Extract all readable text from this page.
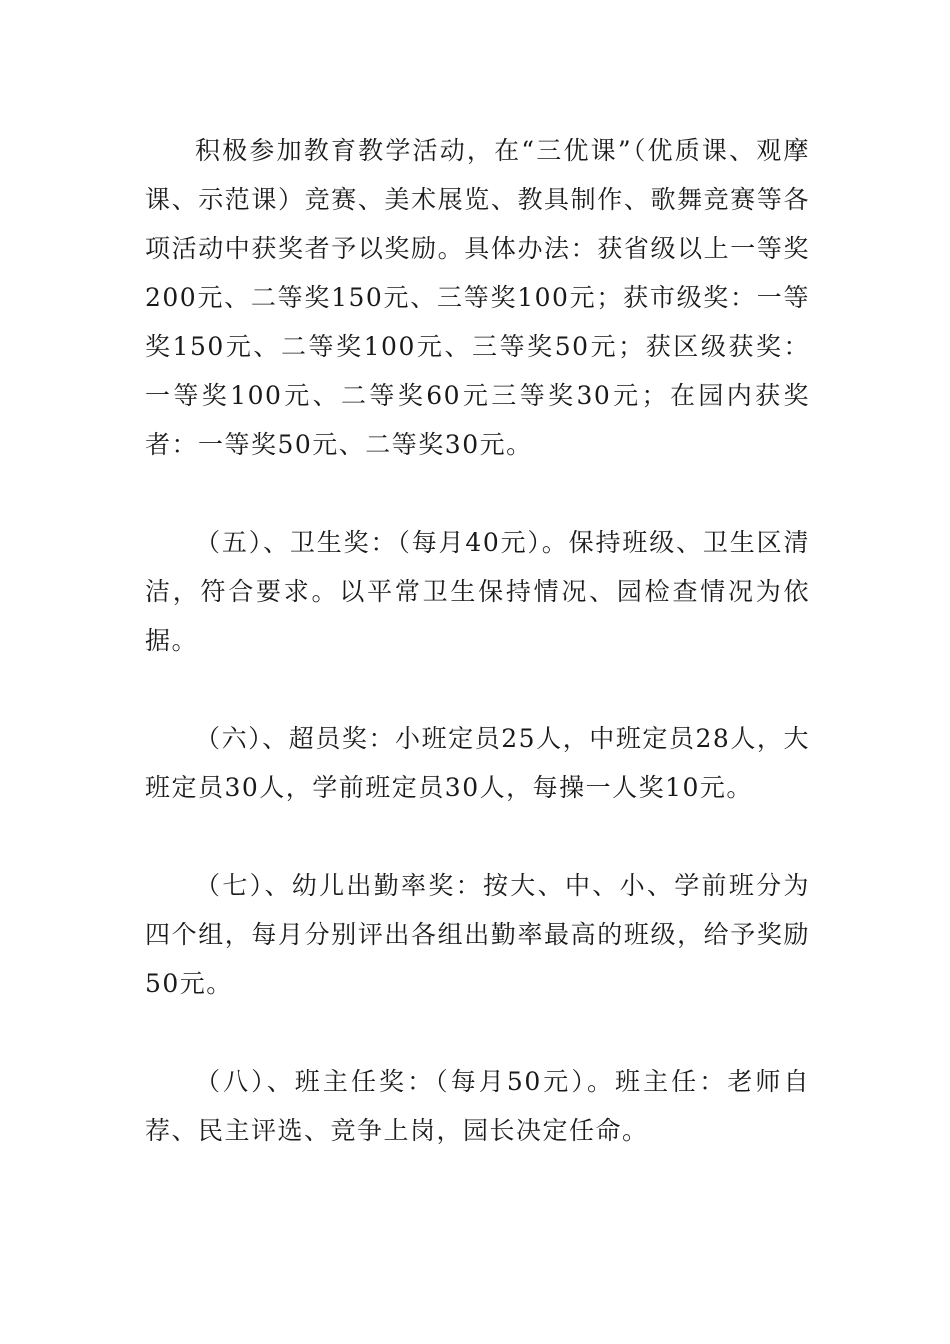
积极参加教育教学活动，在“三优课”（优质课、观摩课、示范课）竞赛、美术展览、教具制作、歌舞竞赛等各项活动中获奖者予以奖励。具体办法：获省级以上一等奖200元、二等奖150元、三等奖100元；获市级奖：一等奖150元、二等奖100元、三等奖50元；获区级获奖：一等奖100元、二等奖60元三等奖30元；在园内获奖者：一等奖50元、二等奖30元。

（五）、卫生奖：（每月40元）。保持班级、卫生区清洁，符合要求。以平常卫生保持情况、园检查情况为依据。

（六）、超员奖：小班定员25人，中班定员28人，大班定员30人，学前班定员30人，每操一人奖10元。

（七）、幼儿出勤率奖：按大、中、小、学前班分为四个组，每月分别评出各组出勤率最高的班级，给予奖励50元。

（八）、班主任奖：（每月50元）。班主任：老师自荐、民主评选、竞争上岗，园长决定任命。
